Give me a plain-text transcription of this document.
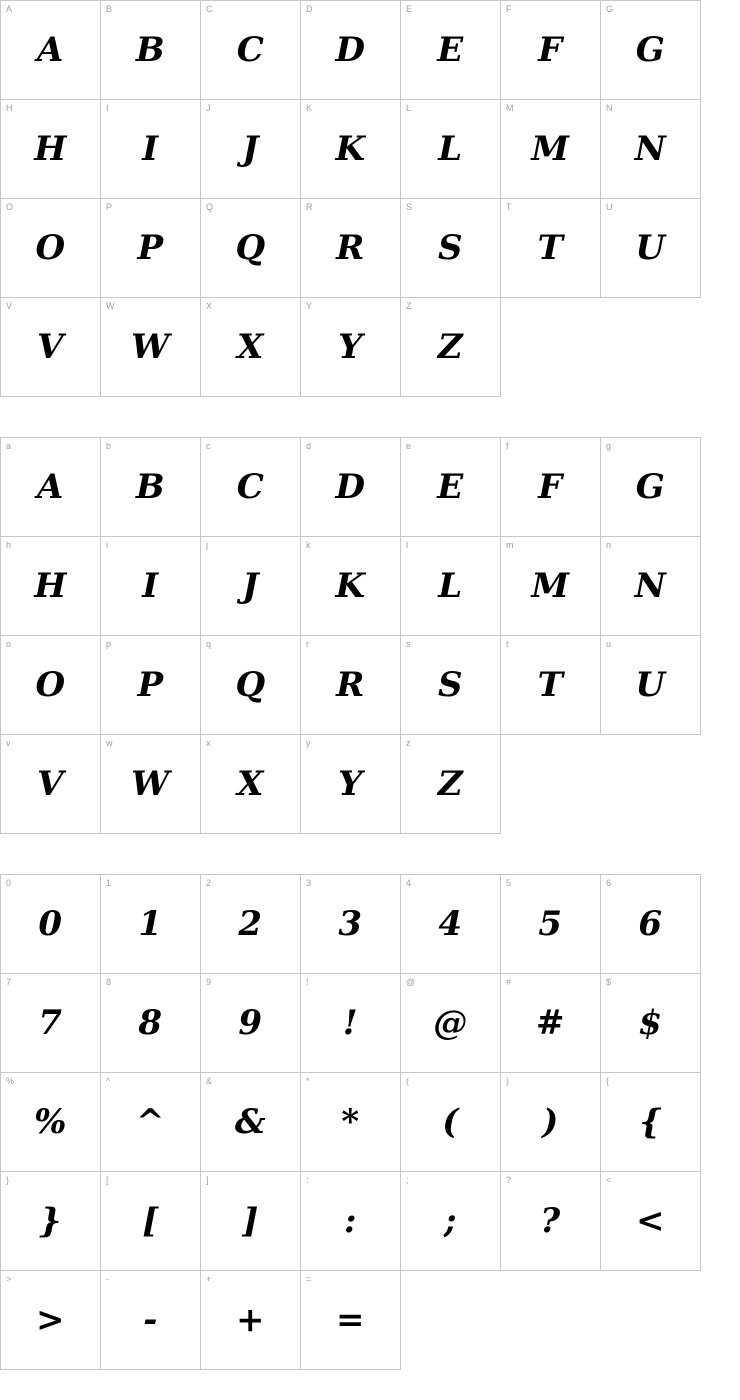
A
A
B
B
C
C
D
D
E
E
F
F
G
G
H
H
I
I
J
J
K
K
L
L
M
M
N
N
O
O
P
P
Q
Q
R
R
S
S
T
T
U
U
V
V
W
W
X
X
Y
Y
Z
Z
a
A
b
B
c
C
d
D
e
E
f
F
g
G
h
H
i
I
j
J
k
K
l
L
m
M
n
N
o
O
p
P
q
Q
r
R
s
S
t
T
u
U
v
V
w
W
x
X
y
Y
z
Z
0
0
1
1
2
2
3
3
4
4
5
5
6
6
7
7
8
8
9
9
!
!
@
@
#
#
$
$
%
%
^
^
&
&
*
*
(
(
)
)
{
{
}
}
[
[
]
]
:
:
;
;
?
?
<
<
>
>
-
-
+
+
=
=
